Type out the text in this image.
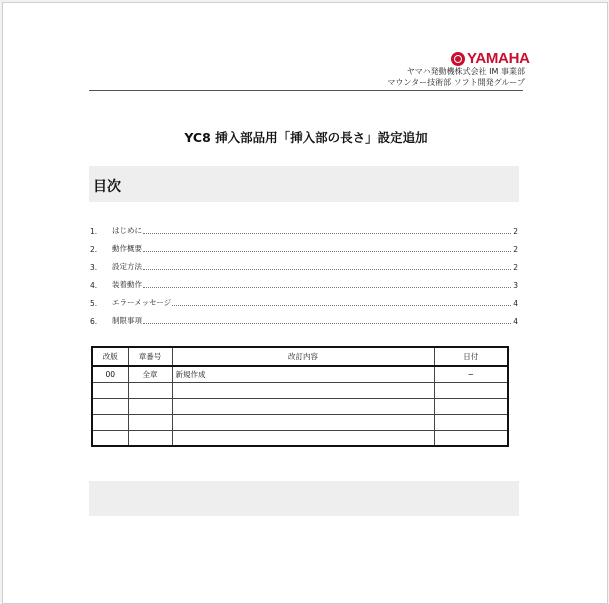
YAMAHA
ヤマハ発動機株式会社 IM 事業部
マウンター技術部 ソフト開発グループ
YC8 挿入部品用「挿入部の長さ」設定追加
目次
1.	はじめに	2
2.	動作概要	2
3.	設定方法	2
4.	装着動作	3
5.	エラーメッセージ	4
6.	制限事項	4
改版	章番号	改訂内容	日付
00	全章	新規作成	−
